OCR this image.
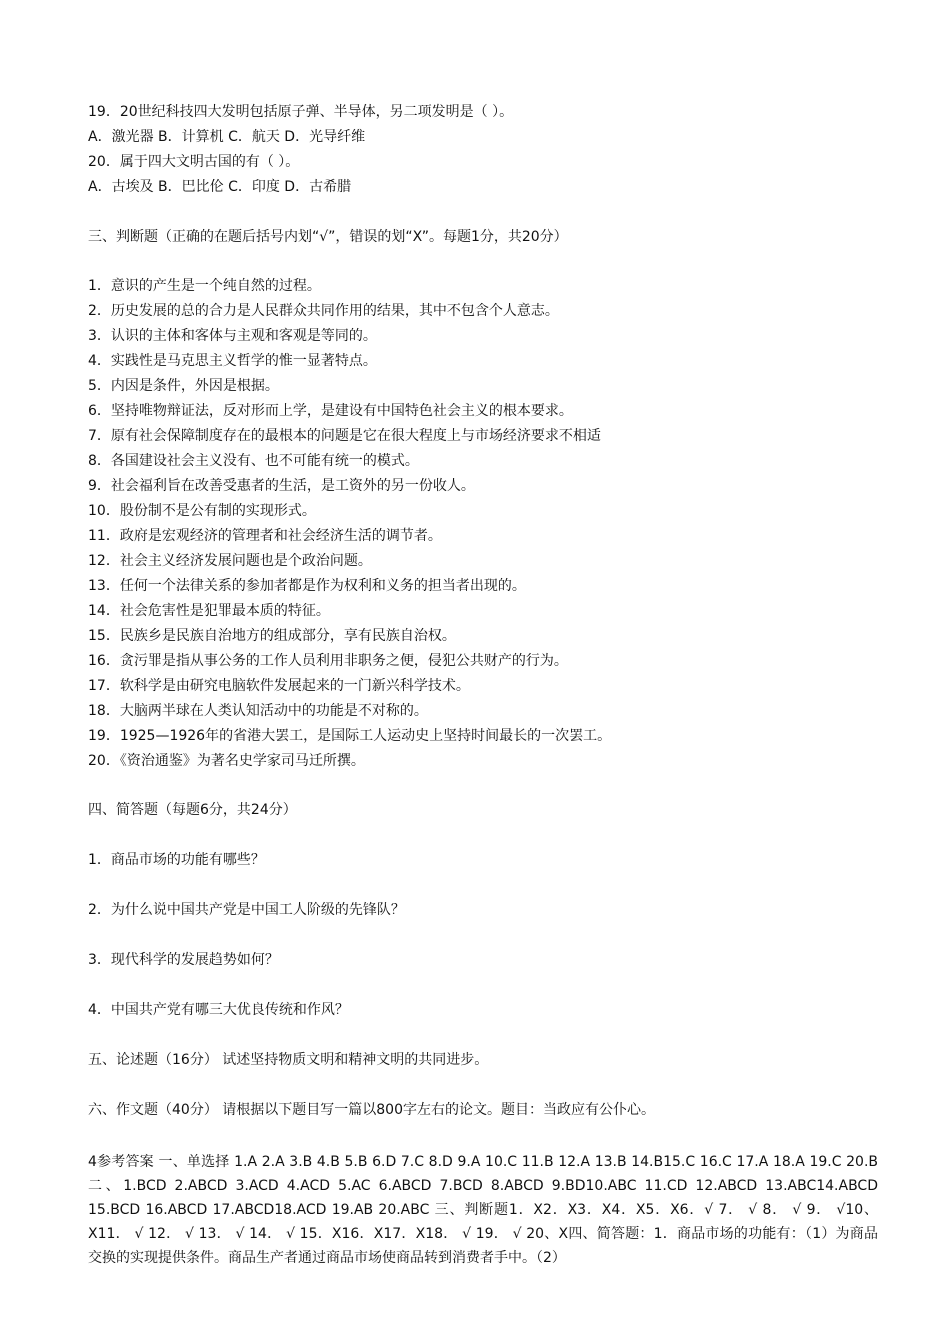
19．20世纪科技四大发明包括原子弹、半导体，另二项发明是（ ）。
A．激光器 B．计算机 C．航天 D．光导纤维
20．属于四大文明古国的有（ ）。
A．古埃及 B．巴比伦 C．印度 D．古希腊
三、判断题（正确的在题后括号内划“√”，错误的划“X”。每题1分，共20分）
1．意识的产生是一个纯自然的过程。
2．历史发展的总的合力是人民群众共同作用的结果，其中不包含个人意志。
3．认识的主体和客体与主观和客观是等同的。
4．实践性是马克思主义哲学的惟一显著特点。
5．内因是条件，外因是根据。
6．坚持唯物辩证法，反对形而上学，是建设有中国特色社会主义的根本要求。
7．原有社会保障制度存在的最根本的问题是它在很大程度上与市场经济要求不相适
8．各国建设社会主义没有、也不可能有统一的模式。
9．社会福利旨在改善受惠者的生活，是工资外的另一份收人。
10．股份制不是公有制的实现形式。
11．政府是宏观经济的管理者和社会经济生活的调节者。
12．社会主义经济发展问题也是个政治问题。
13．任何一个法律关系的参加者都是作为权利和义务的担当者出现的。
14．社会危害性是犯罪最本质的特征。
15．民族乡是民族自治地方的组成部分，享有民族自治权。
16．贪污罪是指从事公务的工作人员利用非职务之便，侵犯公共财产的行为。
17．软科学是由研究电脑软件发展起来的一门新兴科学技术。
18．大脑两半球在人类认知活动中的功能是不对称的。
19．1925—1926年的省港大罢工，是国际工人运动史上坚持时间最长的一次罢工。
20．《资治通鉴》为著名史学家司马迁所撰。
四、简答题（每题6分，共24分）
1．商品市场的功能有哪些？
2．为什么说中国共产党是中国工人阶级的先锋队？
3．现代科学的发展趋势如何？
4．中国共产党有哪三大优良传统和作风？
五、论述题（16分） 试述坚持物质文明和精神文明的共同进步。
六、作文题（40分） 请根据以下题目写一篇以800字左右的论文。题目：当政应有公仆心。
4参考答案 一、单选择 1.A 2.A 3.B 4.B 5.B 6.D 7.C 8.D 9.A 10.C 11.B 12.A 13.B 14.B15.C 16.C 17.A 18.A 19.C 20.B 二、1.BCD 2.ABCD 3.ACD 4.ACD 5.AC 6.ABCD 7.BCD 8.ABCD 9.BD10.ABC 11.CD 12.ABCD 13.ABC14.ABCD 15.BCD 16.ABCD 17.ABCD18.ACD 19.AB 20.ABC 三、判断题1．X2．X3．X4．X5．X6．√ 7． √ 8． √ 9． √10、X11． √ 12． √ 13． √ 14． √ 15．X16．X17．X18． √ 19． √ 20、X四、简答题：1．商品市场的功能有：（1）为商品交换的实现提供条件。商品生产者通过商品市场使商品转到消费者手中。（2）
